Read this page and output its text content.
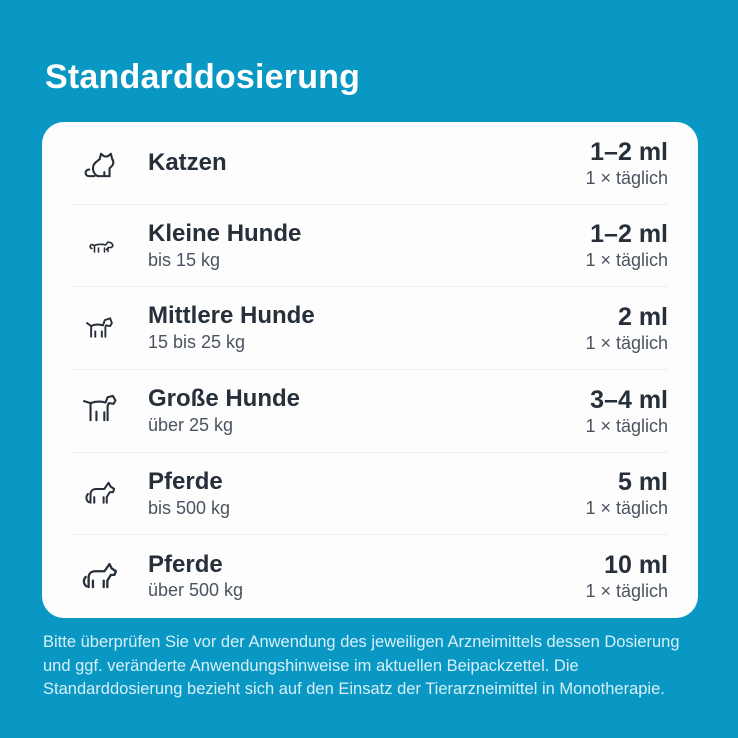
Standarddosierung
Katzen	1–2 ml
1 × täglich
Kleine Hunde
bis 15 kg
1–2 ml
1 × täglich
Mittlere Hunde
15 bis 25 kg
2 ml
1 × täglich
Große Hunde
über 25 kg
3–4 ml
1 × täglich
Pferde
bis 500 kg
5 ml
1 × täglich
Pferde
über 500 kg
10 ml
1 × täglich

Bitte überprüfen Sie vor der Anwendung des jeweiligen Arzneimittels dessen Dosierung und ggf. veränderte Anwendungshinweise im aktuellen Beipackzettel. Die Standarddosierung bezieht sich auf den Einsatz der Tierarzneimittel in Monotherapie.
